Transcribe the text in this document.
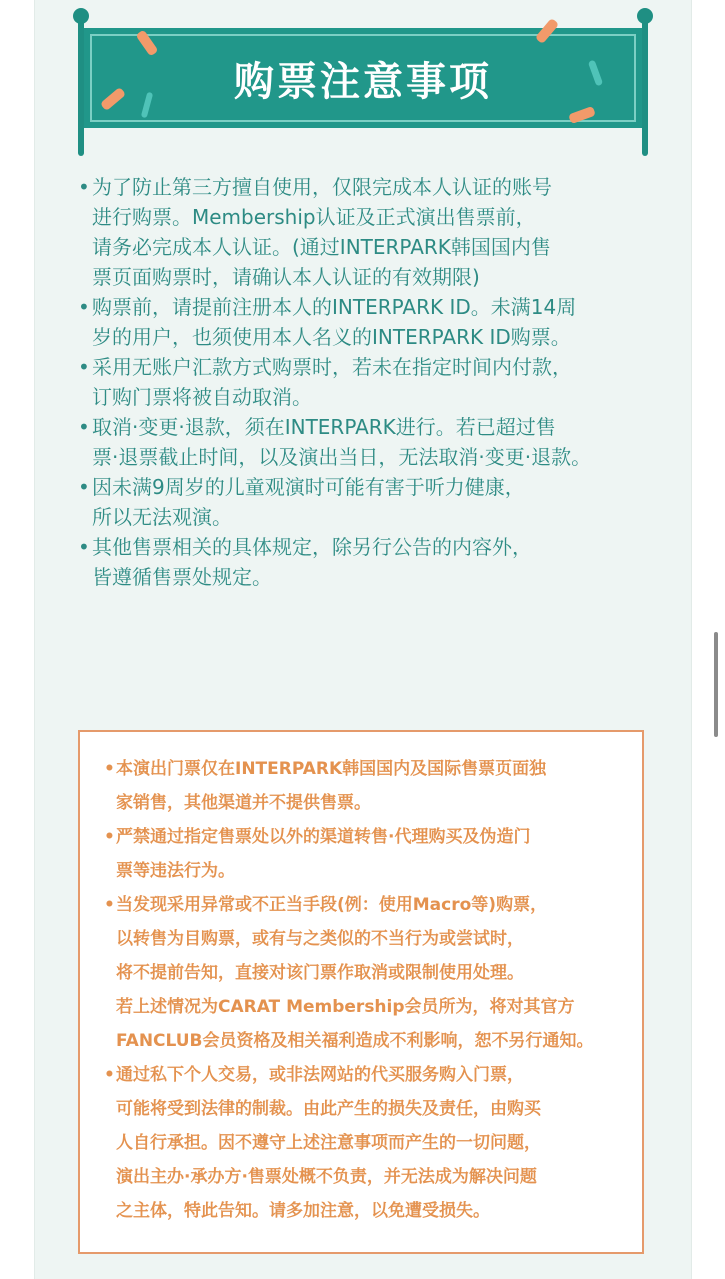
购票注意事项
• 为了防止第三方擅自使用，仅限完成本人认证的账号
进行购票。Membership认证及正式演出售票前，
请务必完成本人认证。(通过INTERPARK韩国国内售
票页面购票时，请确认本人认证的有效期限)
• 购票前，请提前注册本人的INTERPARK ID。未满14周
岁的用户，也须使用本人名义的INTERPARK ID购票。
• 采用无账户汇款方式购票时，若未在指定时间内付款，
订购门票将被自动取消。
• 取消·变更·退款，须在INTERPARK进行。若已超过售
票·退票截止时间，以及演出当日，无法取消·变更·退款。
• 因未满9周岁的儿童观演时可能有害于听力健康，
所以无法观演。
• 其他售票相关的具体规定，除另行公告的内容外，
皆遵循售票处规定。
• 本演出门票仅在INTERPARK韩国国内及国际售票页面独
家销售，其他渠道并不提供售票。
• 严禁通过指定售票处以外的渠道转售·代理购买及伪造门
票等违法行为。
• 当发现采用异常或不正当手段(例：使用Macro等)购票，
以转售为目购票，或有与之类似的不当行为或尝试时，
将不提前告知，直接对该门票作取消或限制使用处理。
若上述情况为CARAT Membership会员所为，将对其官方
FANCLUB会员资格及相关福利造成不利影响，恕不另行通知。
• 通过私下个人交易，或非法网站的代买服务购入门票，
可能将受到法律的制裁。由此产生的损失及责任，由购买
人自行承担。因不遵守上述注意事项而产生的一切问题，
演出主办·承办方·售票处概不负责，并无法成为解决问题
之主体，特此告知。请多加注意，以免遭受损失。
